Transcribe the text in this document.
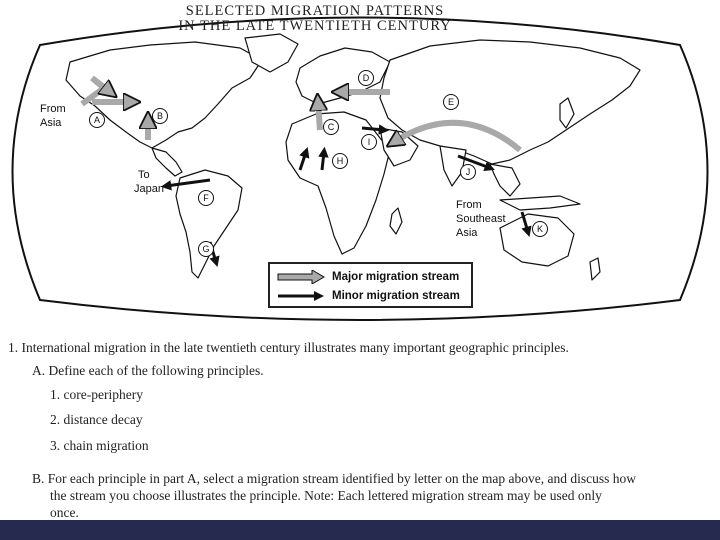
From
Asia
To
Japan
From
Southeast
Asia
A	B
C
D
E
F
G
H
I
J
K
SELECTED MIGRATION PATTERNS
IN THE LATE TWENTIETH CENTURY
Major migration stream
Minor migration stream
1. International migration in the late twentieth century illustrates many important geographic principles.
A. Define each of the following principles.
1. core-periphery
2. distance decay
3. chain migration
B. For each principle in part A, select a migration stream identified by letter on the map above, and discuss how
the stream you choose illustrates the principle. Note: Each lettered migration stream may be used only
once.
